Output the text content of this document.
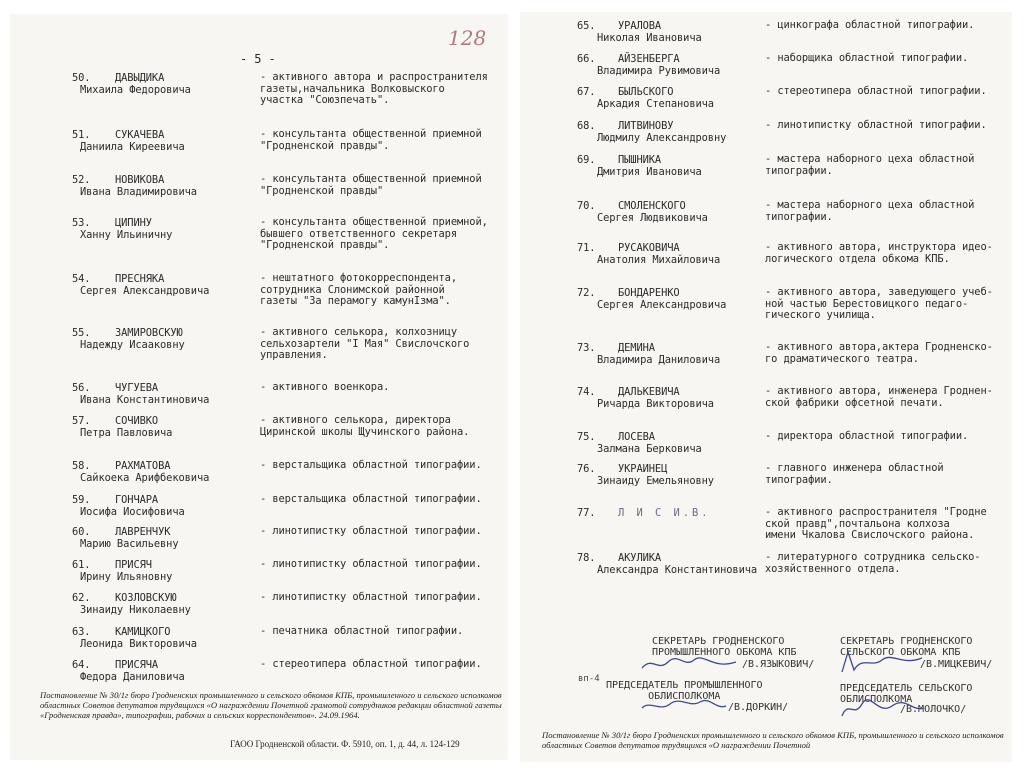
- 5 -
128
50. ДАВЫДИКА
Михаила Федоровича
- активного автора и распространителя
газеты,начальника Волковыского
участка "Союзпечать".
51. СУКАЧЕВА
Даниила Киреевича
- консультанта общественной приемной
"Гродненской правды".
52. НОВИКОВА
Ивана Владимировича
- консультанта общественной приемной
"Гродненской правды"
53. ЦИПИНУ
Ханну Ильиничну
- консультанта общественной приемной,
бывшего ответственного секретаря
"Гродненской правды".
54. ПРЕСНЯКА
Сергея Александровича
- нештатного фотокорреспондента,
сотрудника Слонимской районной
газеты "За перамогу камунIзма".
55. ЗАМИРОВСКУЮ
Надежду Исааковну
- активного селькора, колхозницу
сельхозартели "I Мая" Свислочского
управления.
56. ЧУГУЕВА
Ивана Константиновича
- активного военкора.
57. СОЧИВКО
Петра Павловича
- активного селькора, директора
Циринской школы Щучинского района.
58. РАХМАТОВА
Сайкоека Арифбековича
- верстальщика областной типографии.
59. ГОНЧАРА
Иосифа Иосифовича
- верстальщика областной типографии.
60. ЛАВРЕНЧУК
Марию Васильевну
- линотипистку областной типографии.
61. ПРИСЯЧ
Ирину Ильяновну
- линотипистку областной типографии.
62. КОЗЛОВСКУЮ
Зинаиду Николаевну
- линотипистку областной типографии.
63. КАМИЦКОГО
Леонида Викторовича
- печатника областной типографии.
64. ПРИСЯЧА
Федора Даниловича
- стереотипера областной типографии.
Постановление № 30/1г бюро Гродненских промышленного и сельского обкомов КПБ, промышленного и сельского исполкомов областных Советов депутатов трудящихся «О награждении Почетной грамотой сотрудников редакции областной газеты «Гродненская правда», типографии, рабочих и сельских корреспондентов». 24.09.1964.
ГАОО Гродненской области. Ф. 5910, оп. 1, д. 44, л. 124-129
65. УРАЛОВА
Николая Ивановича
- цинкографа областной типографии.
66. АЙЗЕНБЕРГА
Владимира Рувимовича
- наборщика областной типографии.
67. БЫЛЬСКОГО
Аркадия Степановича
- стереотипера областной типографии.
68. ЛИТВИНОВУ
Людмилу Александровну
- линотипистку областной типографии.
69. ПЫШНИКА
Дмитрия Ивановича
- мастера наборного цеха областной
типографии.
70. СМОЛЕНСКОГО
Сергея Людвиковича
- мастера наборного цеха областной
типографии.
71. РУСАКОВИЧА
Анатолия Михайловича
- активного автора, инструктора идео-
логического отдела обкома КПБ.
72. БОНДАРЕНКО
Сергея Александровича
- активного автора, заведующего учеб-
ной частью Берестовицкого педаго-
гического училища.
73. ДЕМИНА
Владимира Даниловича
- активного автора,актера Гродненско-
го драматического театра.
74. ДАЛЬКЕВИЧА
Ричарда Викторовича
- активного автора, инженера Гроднен-
ской фабрики офсетной печати.
75. ЛОСЕВА
Залмана Берковича
- директора областной типографии.
76. УКРАИНЕЦ
Зинаиду Емельяновну
- главного инженера областной
типографии.
77. Л И С И.В.
-	активного распространителя "Гродне
ской правд",почтальона колхоза
имени Чкалова Свислочского района.
78. АКУЛИКА
Александра Константиновича
- литературного сотрудника сельско-
хозяйственного отдела.
СЕКРЕТАРЬ ГРОДНЕНСКОГО
ПРОМЫШЛЕННОГО ОБКОМА КПБ
/В.ЯЗЫКОВИЧ/
СЕКРЕТАРЬ ГРОДНЕНСКОГО
СЕЛЬСКОГО ОБКОМА КПБ
/В.МИЦКЕВИЧ/
ПРЕДСЕДАТЕЛЬ ПРОМЫШЛЕННОГО
ОБЛИСПОЛКОМА
/В.ДОРКИН/
ПРЕДСЕДАТЕЛЬ СЕЛЬСКОГО
ОБЛИСПОЛКОМА
/В.МОЛОЧКО/
вп-4
Постановление № 30/1г бюро Гродненских промышленного и сельского обкомов КПБ, промышленного и сельского исполкомов областных Советов депутатов трудящихся «О награждении Почетной
